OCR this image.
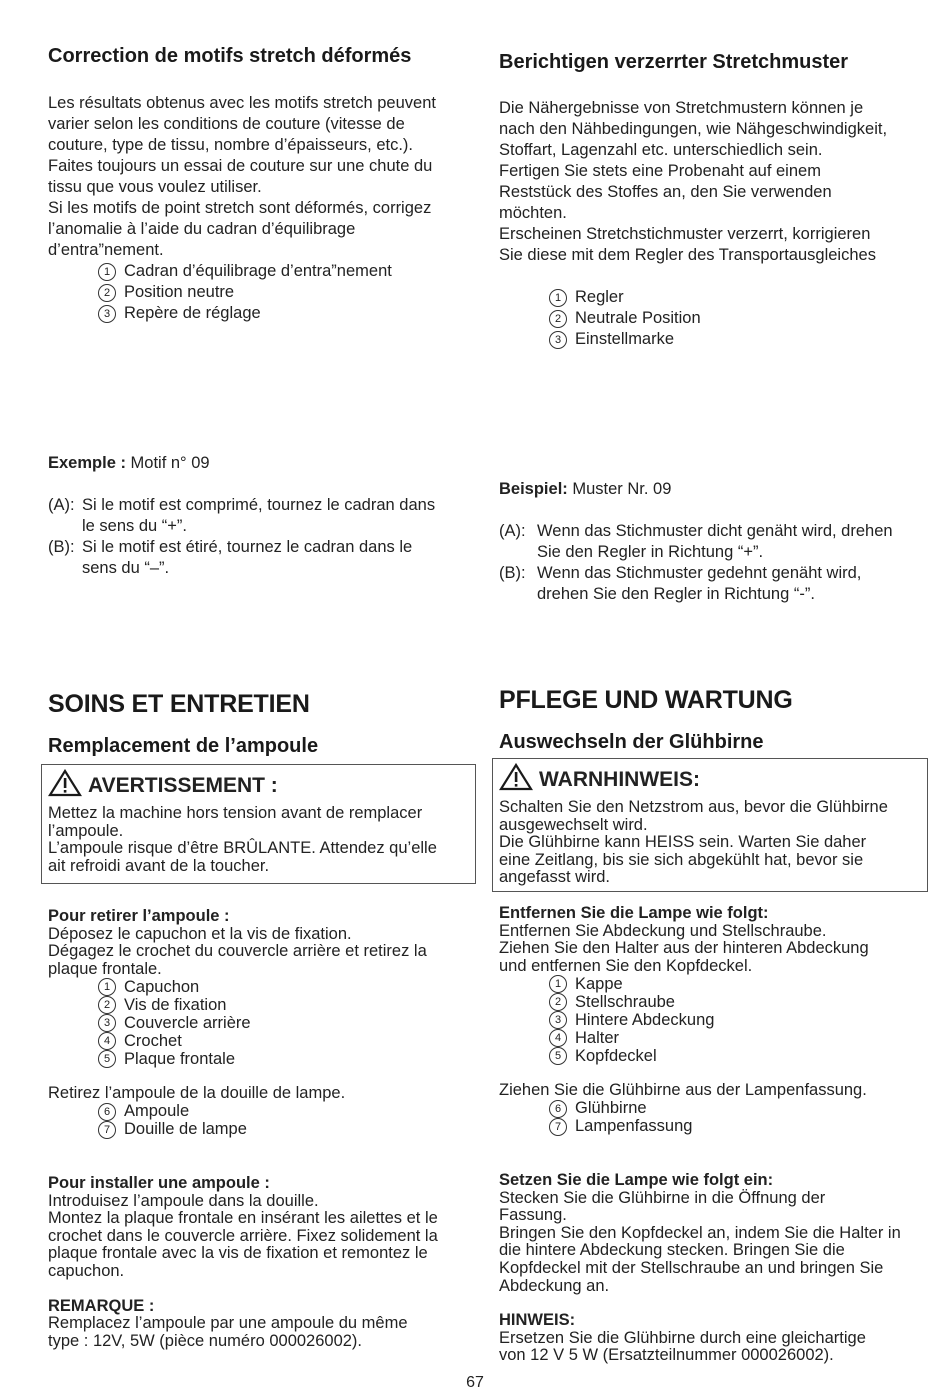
Correction de motifs stretch déformés

Les résultats obtenus avec les motifs stretch peuvent
varier selon les conditions de couture (vitesse de
couture, type de tissu, nombre d’épaisseurs, etc.).
Faites toujours un essai de couture sur une chute du
tissu que vous voulez utiliser.
Si les motifs de point stretch sont déformés, corrigez
l’anomalie à l’aide du cadran d’équilibrage
d’entra”nement.

1 Cadran d’équilibrage d’entra”nement
2 Position neutre
3 Repère de réglage

Exemple : Motif n° 09

(A): Si le motif est comprimé, tournez le cadran dans
le sens du “+”.
(B): Si le motif est étiré, tournez le cadran dans le
sens du “–”.
SOINS ET ENTRETIEN
Remplacement de l’ampoule
AVERTISSEMENT :

Mettez la machine hors tension avant de remplacer
l’ampoule.
L’ampoule risque d’être BRÛLANTE. Attendez qu’elle
ait refroidi avant de la toucher.

Pour retirer l’ampoule :

Déposez le capuchon et la vis de fixation.
Dégagez le crochet du couvercle arrière et retirez la
plaque frontale.

1 Capuchon
2 Vis de fixation
3 Couvercle arrière
4 Crochet
5 Plaque frontale

Retirez l’ampoule de la douille de lampe.

6 Ampoule
7 Douille de lampe

Pour installer une ampoule :

Introduisez l’ampoule dans la douille.
Montez la plaque frontale en insérant les ailettes et le
crochet dans le couvercle arrière. Fixez solidement la
plaque frontale avec la vis de fixation et remontez le
capuchon.

REMARQUE :

Remplacez l’ampoule par une ampoule du même
type : 12V, 5W (pièce numéro 000026002).

Berichtigen verzerrter Stretchmuster

Die Nähergebnisse von Stretchmustern können je
nach den Nähbedingungen, wie Nähgeschwindigkeit,
Stoffart, Lagenzahl etc. unterschiedlich sein.
Fertigen Sie stets eine Probenaht auf einem
Reststück des Stoffes an, den Sie verwenden
möchten.
Erscheinen Stretchstichmuster verzerrt, korrigieren
Sie diese mit dem Regler des Transportausgleiches

1 Regler
2 Neutrale Position
3 Einstellmarke

Beispiel: Muster Nr. 09

(A): Wenn das Stichmuster dicht genäht wird, drehen
Sie den Regler in Richtung “+”.
(B): Wenn das Stichmuster gedehnt genäht wird,
drehen Sie den Regler in Richtung “-”.
PFLEGE UND WARTUNG
Auswechseln der Glühbirne
WARNHINWEIS:

Schalten Sie den Netzstrom aus, bevor die Glühbirne
ausgewechselt wird.
Die Glühbirne kann HEISS sein. Warten Sie daher
eine Zeitlang, bis sie sich abgekühlt hat, bevor sie
angefasst wird.

Entfernen Sie die Lampe wie folgt:

Entfernen Sie Abdeckung und Stellschraube.
Ziehen Sie den Halter aus der hinteren Abdeckung
und entfernen Sie den Kopfdeckel.

1 Kappe
2 Stellschraube
3 Hintere Abdeckung
4 Halter
5 Kopfdeckel

Ziehen Sie die Glühbirne aus der Lampenfassung.

6 Glühbirne
7 Lampenfassung

Setzen Sie die Lampe wie folgt ein:

Stecken Sie die Glühbirne in die Öffnung der
Fassung.
Bringen Sie den Kopfdeckel an, indem Sie die Halter in
die hintere Abdeckung stecken. Bringen Sie die
Kopfdeckel mit der Stellschraube an und bringen Sie
Abdeckung an.

HINWEIS:

Ersetzen Sie die Glühbirne durch eine gleichartige
von 12 V 5 W (Ersatzteilnummer 000026002).

67
